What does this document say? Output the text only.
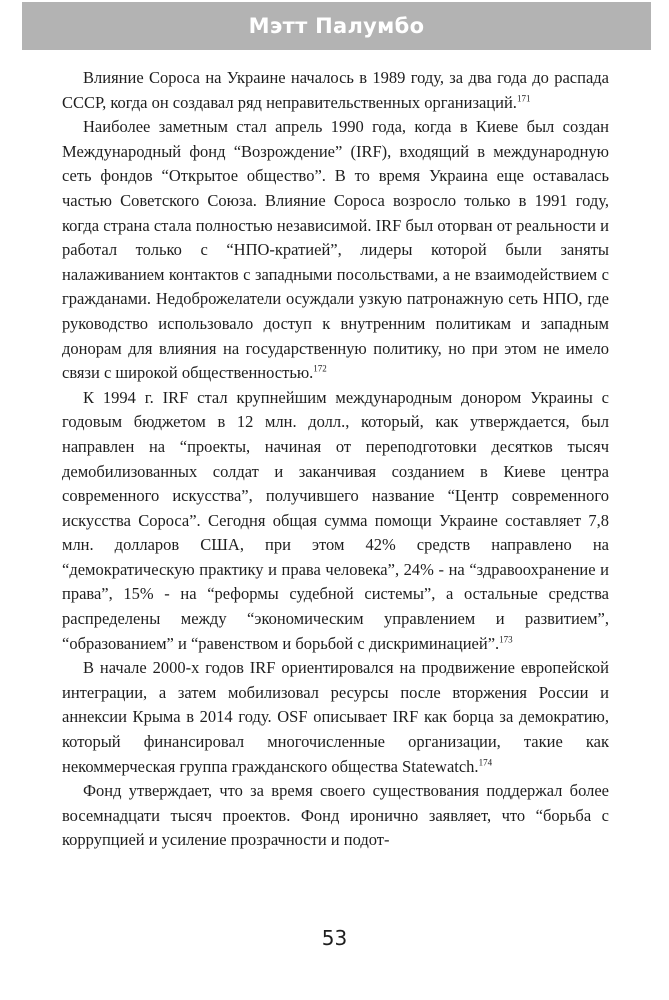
Мэтт Палумбо

Влияние Сороса на Украине началось в 1989 году, за два года до распада СССР, когда он создавал ряд неправительственных организаций.$^{171}$

Наиболее заметным стал апрель 1990 года, когда в Киеве был создан Международный фонд “Возрождение” (IRF), входящий в международную сеть фондов “Открытое общество”. В то время Украина еще оставалась частью Советского Союза. Влияние Сороса возросло только в 1991 году, когда страна стала полностью независимой. IRF был оторван от реальности и работал только с “НПО-кратией”, лидеры которой были заняты налаживанием контактов с западными посольствами, а не взаимодействием с гражданами. Недоброжелатели осуждали узкую патронажную сеть НПО, где руководство использовало доступ к внутренним политикам и западным донорам для влияния на государственную политику, но при этом не имело связи с широкой общественностью.$^{172}$

К 1994 г. IRF стал крупнейшим международным донором Украины с годовым бюджетом в 12 млн. долл., который, как утверждается, был направлен на “проекты, начиная от переподготовки десятков тысяч демобилизованных солдат и заканчивая созданием в Киеве центра современного искусства”, получившего название “Центр современного искусства Сороса”. Сегодня общая сумма помощи Украине составляет 7,8 млн. долларов США, при этом 42% средств направлено на “демократическую практику и права человека”, 24% - на “здравоохранение и права”, 15% - на “реформы судебной системы”, а остальные средства распределены между “экономическим управлением и развитием”, “образованием” и “равенством и борьбой с дискриминацией”.$^{173}$

В начале 2000-х годов IRF ориентировался на продвижение европейской интеграции, а затем мобилизовал ресурсы после вторжения России и аннексии Крыма в 2014 году. OSF описывает IRF как борца за демократию, который финансировал многочисленные организации, такие как некоммерческая группа гражданского общества Statewatch.$^{174}$

Фонд утверждает, что за время своего существования поддержал более восемнадцати тысяч проектов. Фонд иронично заявляет, что “борьба с коррупцией и усиление прозрачности и подот-

53
